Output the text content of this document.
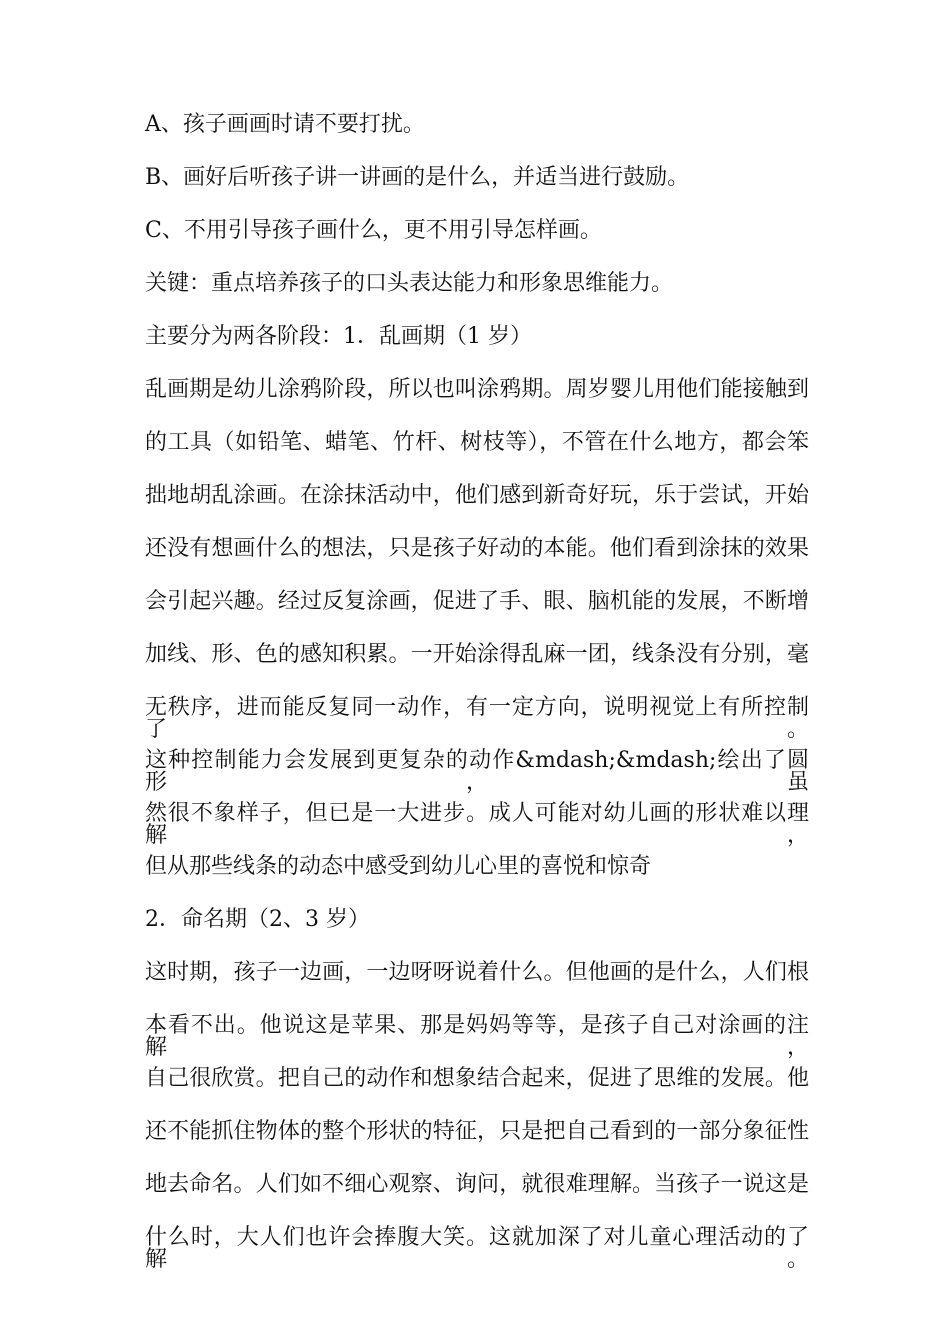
A、孩子画画时请不要打扰。
B、画好后听孩子讲一讲画的是什么，并适当进行鼓励。
C、不用引导孩子画什么，更不用引导怎样画。
关键：重点培养孩子的口头表达能力和形象思维能力。
主要分为两各阶段：1．乱画期（1 岁）
乱画期是幼儿涂鸦阶段，所以也叫涂鸦期。周岁婴儿用他们能接触到
的工具（如铅笔、蜡笔、竹杆、树枝等），不管在什么地方，都会笨
拙地胡乱涂画。在涂抹活动中，他们感到新奇好玩，乐于尝试，开始
还没有想画什么的想法，只是孩子好动的本能。他们看到涂抹的效果
会引起兴趣。经过反复涂画，促进了手、眼、脑机能的发展，不断增
加线、形、色的感知积累。一开始涂得乱麻一团，线条没有分别，毫
无秩序，进而能反复同一动作，有一定方向，说明视觉上有所控制了。
这种控制能力会发展到更复杂的动作&mdash;&mdash;绘出了圆形，虽
然很不象样子，但已是一大进步。成人可能对幼儿画的形状难以理解，
但从那些线条的动态中感受到幼儿心里的喜悦和惊奇
2．命名期（2、3 岁）
这时期，孩子一边画，一边呀呀说着什么。但他画的是什么，人们根
本看不出。他说这是苹果、那是妈妈等等，是孩子自己对涂画的注解，
自己很欣赏。把自己的动作和想象结合起来，促进了思维的发展。他
还不能抓住物体的整个形状的特征，只是把自己看到的一部分象征性
地去命名。人们如不细心观察、询问，就很难理解。当孩子一说这是
什么时，大人们也许会捧腹大笑。这就加深了对儿童心理活动的了解。
